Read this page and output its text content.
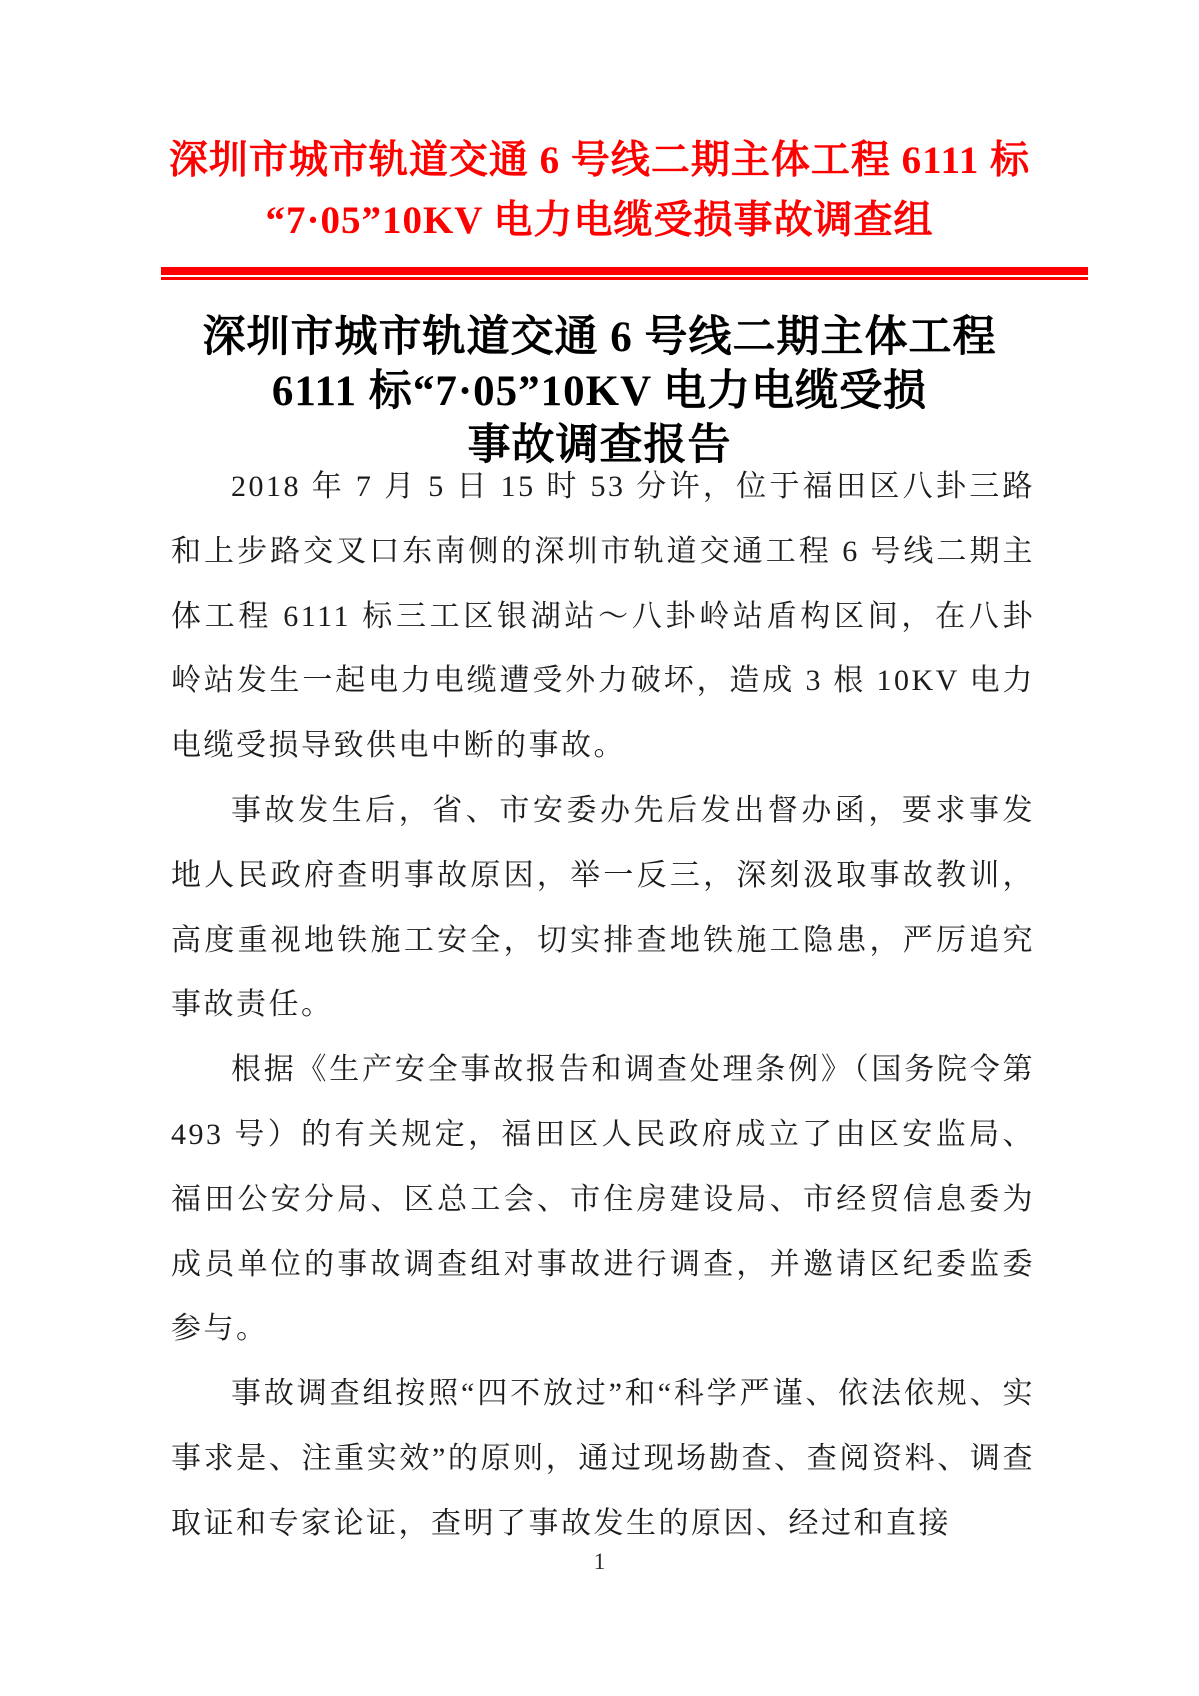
深圳市城市轨道交通 6 号线二期主体工程 6111 标
“7·05”10KV 电力电缆受损事故调查组
深圳市城市轨道交通 6 号线二期主体工程
6111 标“7·05”10KV 电力电缆受损
事故调查报告

2018 年 7 月 5 日 15 时 53 分许，位于福田区八卦三路和上步路交叉口东南侧的深圳市轨道交通工程 6 号线二期主体工程 6111 标三工区银湖站～八卦岭站盾构区间，在八卦岭站发生一起电力电缆遭受外力破坏，造成 3 根 10KV 电力电缆受损导致供电中断的事故。

事故发生后，省、市安委办先后发出督办函，要求事发地人民政府查明事故原因，举一反三，深刻汲取事故教训，高度重视地铁施工安全，切实排查地铁施工隐患，严厉追究事故责任。

根据《生产安全事故报告和调查处理条例》（国务院令第 493 号）的有关规定，福田区人民政府成立了由区安监局、福田公安分局、区总工会、市住房建设局、市经贸信息委为成员单位的事故调查组对事故进行调查，并邀请区纪委监委参与。

事故调查组按照“四不放过”和“科学严谨、依法依规、实事求是、注重实效”的原则，通过现场勘查、查阅资料、调查取证和专家论证，查明了事故发生的原因、经过和直接

1
